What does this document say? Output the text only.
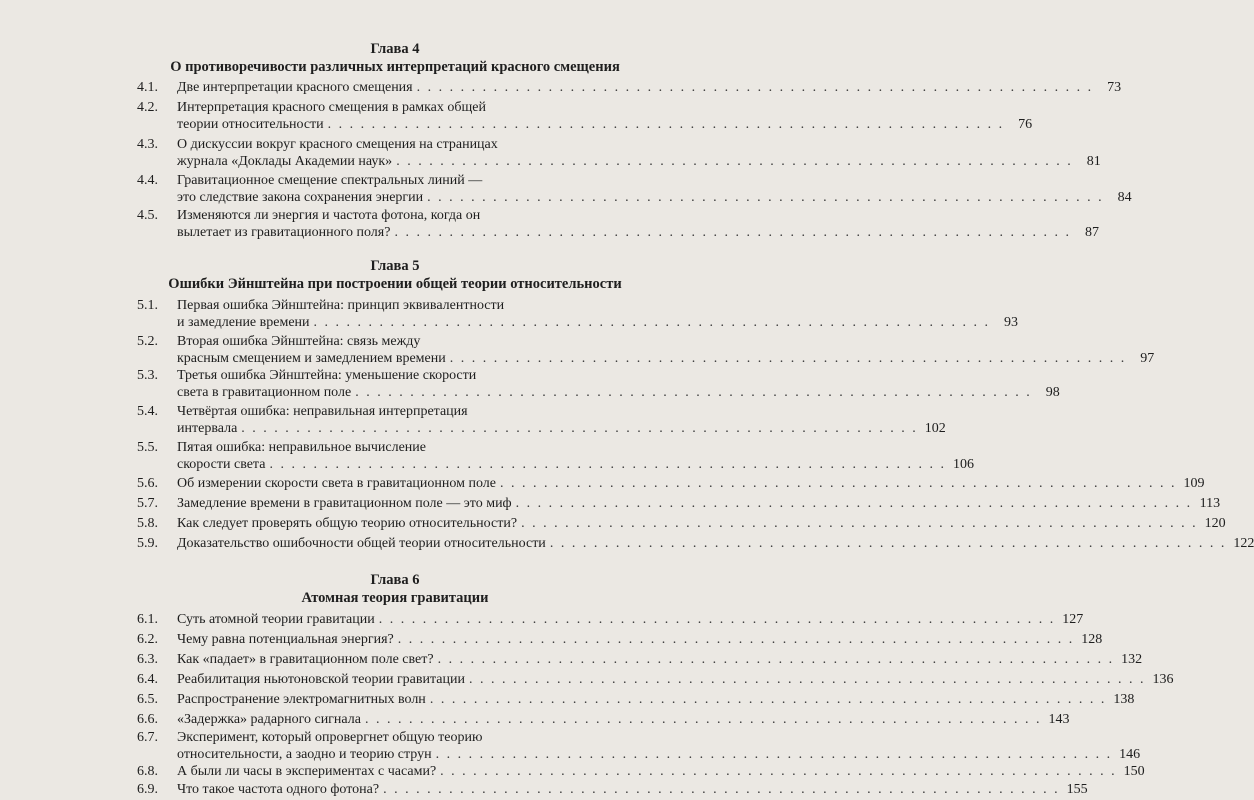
Глава 4
О противоречивости различных интерпретаций красного смещения
4.1.	Две интерпретации красного смещения . . . . . . . . . . . . . . . . . . . . . . . . . . . . . . . . . . . . . . . . . . . . . . . . . . . . . . . . . . . . . .	73
4.2.	Интерпретация красного смещения в рамках общей
теории относительности . . . . . . . . . . . . . . . . . . . . . . . . . . . . . . . . . . . . . . . . . . . . . . . . . . . . . . . . . . . . . .	76
4.3.	О дискуссии вокруг красного смещения на страницах
журнала «Доклады Академии наук» . . . . . . . . . . . . . . . . . . . . . . . . . . . . . . . . . . . . . . . . . . . . . . . . . . . . . . . . . . . . . .	81
4.4.	Гравитационное смещение спектральных линий —
это следствие закона сохранения энергии . . . . . . . . . . . . . . . . . . . . . . . . . . . . . . . . . . . . . . . . . . . . . . . . . . . . . . . . . . . . . .	84
4.5.	Изменяются ли энергия и частота фотона, когда он
вылетает из гравитационного поля? . . . . . . . . . . . . . . . . . . . . . . . . . . . . . . . . . . . . . . . . . . . . . . . . . . . . . . . . . . . . . .	87
Глава 5
Ошибки Эйнштейна при построении общей теории относительности
5.1.	Первая ошибка Эйнштейна: принцип эквивалентности
и замедление времени . . . . . . . . . . . . . . . . . . . . . . . . . . . . . . . . . . . . . . . . . . . . . . . . . . . . . . . . . . . . . .	93
5.2.	Вторая ошибка Эйнштейна: связь между
красным смещением и замедлением времени . . . . . . . . . . . . . . . . . . . . . . . . . . . . . . . . . . . . . . . . . . . . . . . . . . . . . . . . . . . . . .	97
5.3.	Третья ошибка Эйнштейна: уменьшение скорости
света в гравитационном поле . . . . . . . . . . . . . . . . . . . . . . . . . . . . . . . . . . . . . . . . . . . . . . . . . . . . . . . . . . . . . .	98
5.4.	Четвёртая ошибка: неправильная интерпретация
интервала . . . . . . . . . . . . . . . . . . . . . . . . . . . . . . . . . . . . . . . . . . . . . . . . . . . . . . . . . . . . . . 102
5.5.	Пятая ошибка: неправильное вычисление
скорости света . . . . . . . . . . . . . . . . . . . . . . . . . . . . . . . . . . . . . . . . . . . . . . . . . . . . . . . . . . . . . . 106
5.6.	Об измерении скорости света в гравитационном поле . . . . . . . . . . . . . . . . . . . . . . . . . . . . . . . . . . . . . . . . . . . . . . . . . . . . . . . . . . . . . . 109
5.7.	Замедление времени в гравитационном поле — это миф . . . . . . . . . . . . . . . . . . . . . . . . . . . . . . . . . . . . . . . . . . . . . . . . . . . . . . . . . . . . . . 113
5.8.	Как следует проверять общую теорию относительности? . . . . . . . . . . . . . . . . . . . . . . . . . . . . . . . . . . . . . . . . . . . . . . . . . . . . . . . . . . . . . . 120
5.9.	Доказательство ошибочности общей теории относительности . . . . . . . . . . . . . . . . . . . . . . . . . . . . . . . . . . . . . . . . . . . . . . . . . . . . . . . . . . . . . . 122
Глава 6
Атомная теория гравитации
6.1.	Суть атомной теории гравитации . . . . . . . . . . . . . . . . . . . . . . . . . . . . . . . . . . . . . . . . . . . . . . . . . . . . . . . . . . . . . . 127
6.2.	Чему равна потенциальная энергия? . . . . . . . . . . . . . . . . . . . . . . . . . . . . . . . . . . . . . . . . . . . . . . . . . . . . . . . . . . . . . . 128
6.3.	Как «падает» в гравитационном поле свет? . . . . . . . . . . . . . . . . . . . . . . . . . . . . . . . . . . . . . . . . . . . . . . . . . . . . . . . . . . . . . . 132
6.4.	Реабилитация ньютоновской теории гравитации . . . . . . . . . . . . . . . . . . . . . . . . . . . . . . . . . . . . . . . . . . . . . . . . . . . . . . . . . . . . . . 136
6.5.	Распространение электромагнитных волн . . . . . . . . . . . . . . . . . . . . . . . . . . . . . . . . . . . . . . . . . . . . . . . . . . . . . . . . . . . . . . 138
6.6.	«Задержка» радарного сигнала . . . . . . . . . . . . . . . . . . . . . . . . . . . . . . . . . . . . . . . . . . . . . . . . . . . . . . . . . . . . . . 143
6.7.	Эксперимент, который опровергнет общую теорию
относительности, а заодно и теорию струн . . . . . . . . . . . . . . . . . . . . . . . . . . . . . . . . . . . . . . . . . . . . . . . . . . . . . . . . . . . . . . 146
6.8.	А были ли часы в экспериментах с часами? . . . . . . . . . . . . . . . . . . . . . . . . . . . . . . . . . . . . . . . . . . . . . . . . . . . . . . . . . . . . . . 150
6.9.	Что такое частота одного фотона? . . . . . . . . . . . . . . . . . . . . . . . . . . . . . . . . . . . . . . . . . . . . . . . . . . . . . . . . . . . . . . 155
